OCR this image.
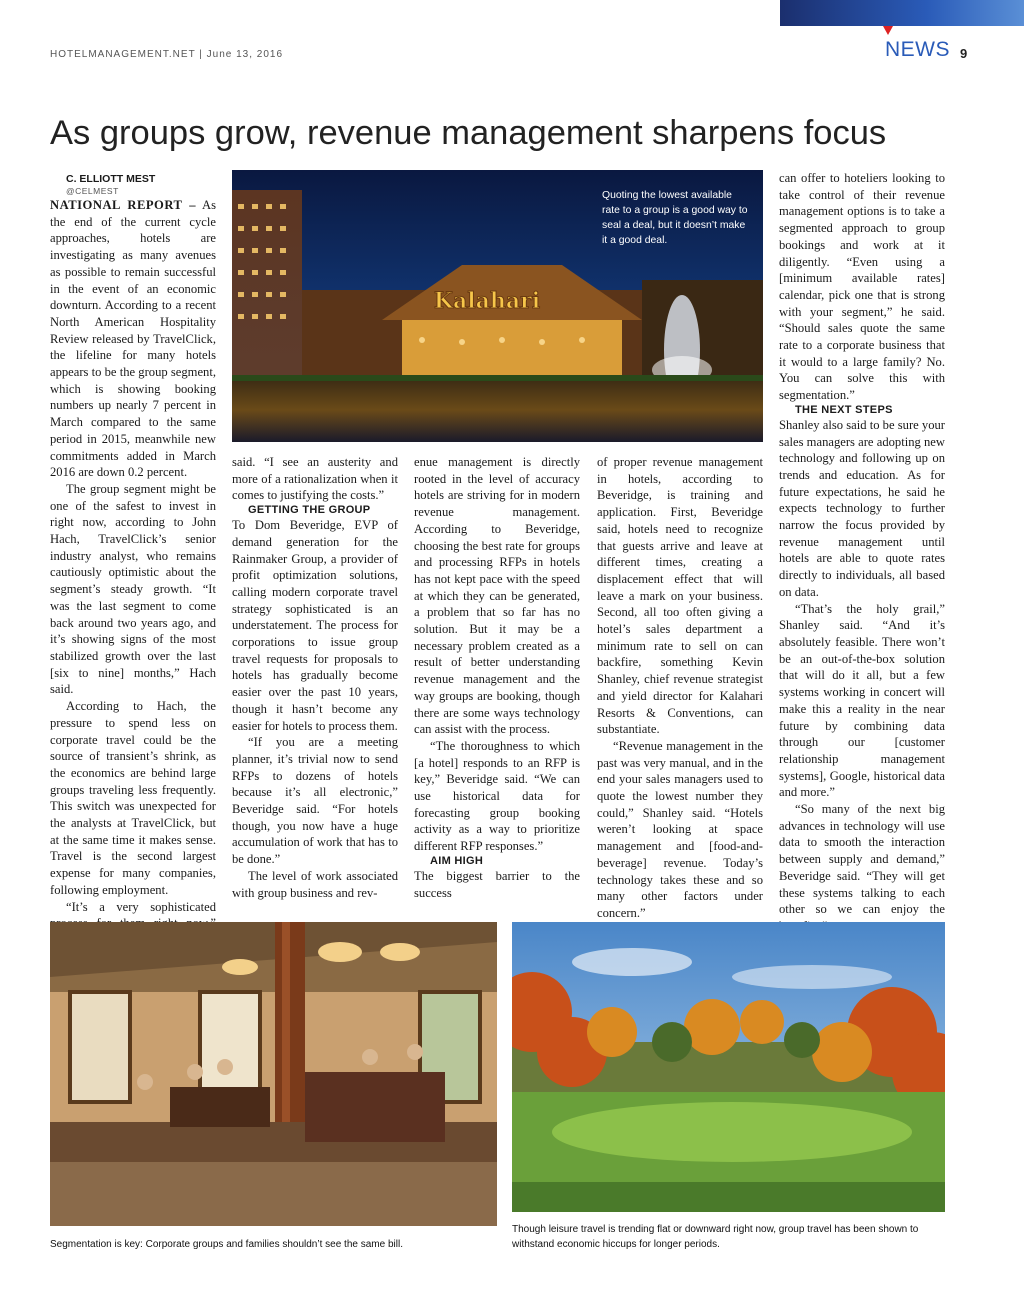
HOTELMANAGEMENT.NET | June 13, 2016	NEWS 9
As groups grow, revenue management sharpens focus

C. ELLIOTT MEST

@CELMEST

NATIONAL REPORT – As the end of the current cycle approaches, hotels are investigating as many avenues as possible to remain successful in the event of an economic downturn. According to a recent North American Hospitality Review released by TravelClick, the lifeline for many hotels appears to be the group segment, which is showing booking numbers up nearly 7 percent in March compared to the same period in 2015, meanwhile new commitments added in March 2016 are down 0.2 percent.

The group segment might be one of the safest to invest in right now, according to John Hach, TravelClick’s senior industry analyst, who remains cautiously optimistic about the segment’s steady growth. “It was the last segment to come back around two years ago, and it’s showing signs of the most stabilized growth over the last [six to nine] months,” Hach said.

According to Hach, the pressure to spend less on corporate travel could be the source of transient’s shrink, as the economics are behind large groups traveling less frequently. This switch was unexpected for the analysts at TravelClick, but at the same time it makes sense. Travel is the second largest expense for many companies, following employment.

“It’s a very sophisticated

Kalahari
Quoting the lowest available rate to a group is a good way to seal a deal, but it doesn’t make it a good deal.

said. “I see an austerity and more of a rationalization when it comes to justifying the costs.”

GETTING THE GROUP

To Dom Beveridge, EVP of demand generation for the Rainmaker Group, a provider of profit optimization solutions, calling modern corporate travel strategy sophisticated is an understatement. The process for corporations to issue group travel requests for proposals to hotels has gradually become easier over the past 10 years, though it hasn’t become any easier for hotels to process them.

“If you are a meeting planner, it’s trivial now to send RFPs to dozens of hotels because it’s all electronic,” Beveridge said. “For hotels though, you now have a huge accumulation of work that has to be done.”

The level of work associated with group business and rev-

enue management is directly rooted in the level of accuracy hotels are striving for in modern revenue management. According to Beveridge, choosing the best rate for groups and processing RFPs in hotels has not kept pace with the speed at which they can be generated, a problem that so far has no solution. But it may be a necessary problem created as a result of better understanding revenue management and the way groups are booking, though there are some ways technology can assist with the process.

“The thoroughness to which [a hotel] responds to an RFP is key,” Beveridge said. “We can use historical data for forecasting group booking activity as a way to prioritize different RFP responses.”

AIM HIGH

The biggest barrier to the success

of proper revenue management in hotels, according to Beveridge, is training and application. First, Beveridge said, hotels need to recognize that guests arrive and leave at different times, creating a displacement effect that will leave a mark on your business. Second, all too often giving a hotel’s sales department a minimum rate to sell on can backfire, something Kevin Shanley, chief revenue strategist and yield director for Kalahari Resorts & Conventions, can substantiate.

“Revenue management in the past was very manual, and in the end your sales managers used to quote the lowest number they could,” Shanley said. “Hotels weren’t looking at space management and [food-and-beverage] revenue. Today’s technology takes these and so many other factors under concern.”

can offer to hoteliers looking to take control of their revenue management options is to take a segmented approach to group bookings and work at it diligently. “Even using a [minimum available rates] calendar, pick one that is strong with your segment,” he said. “Should sales quote the same rate to a corporate business that it would to a large family? No. You can solve this with segmentation.”

THE NEXT STEPS

Shanley also said to be sure your sales managers are adopting new technology and following up on trends and education. As for future expectations, he said he expects technology to further narrow the focus provided by revenue management until hotels are able to quote rates directly to individuals, all based on data.

“That’s the holy grail,” Shanley said. “And it’s absolutely feasible. There won’t be an out-of-the-box solution that will do it all, but a few systems working in concert will make this a reality in the near future by combining data through our [customer relationship management systems], Google, historical data and more.”

“So many of the next big advances in technology will use data to smooth the interaction between supply and demand,” Beveridge said. “They will get these systems talking to each other so we can enjoy the

Segmentation is key: Corporate groups and families shouldn’t see the same bill.
Though leisure travel is trending flat or downward right now, group travel has been shown to withstand economic hiccups for longer periods.
